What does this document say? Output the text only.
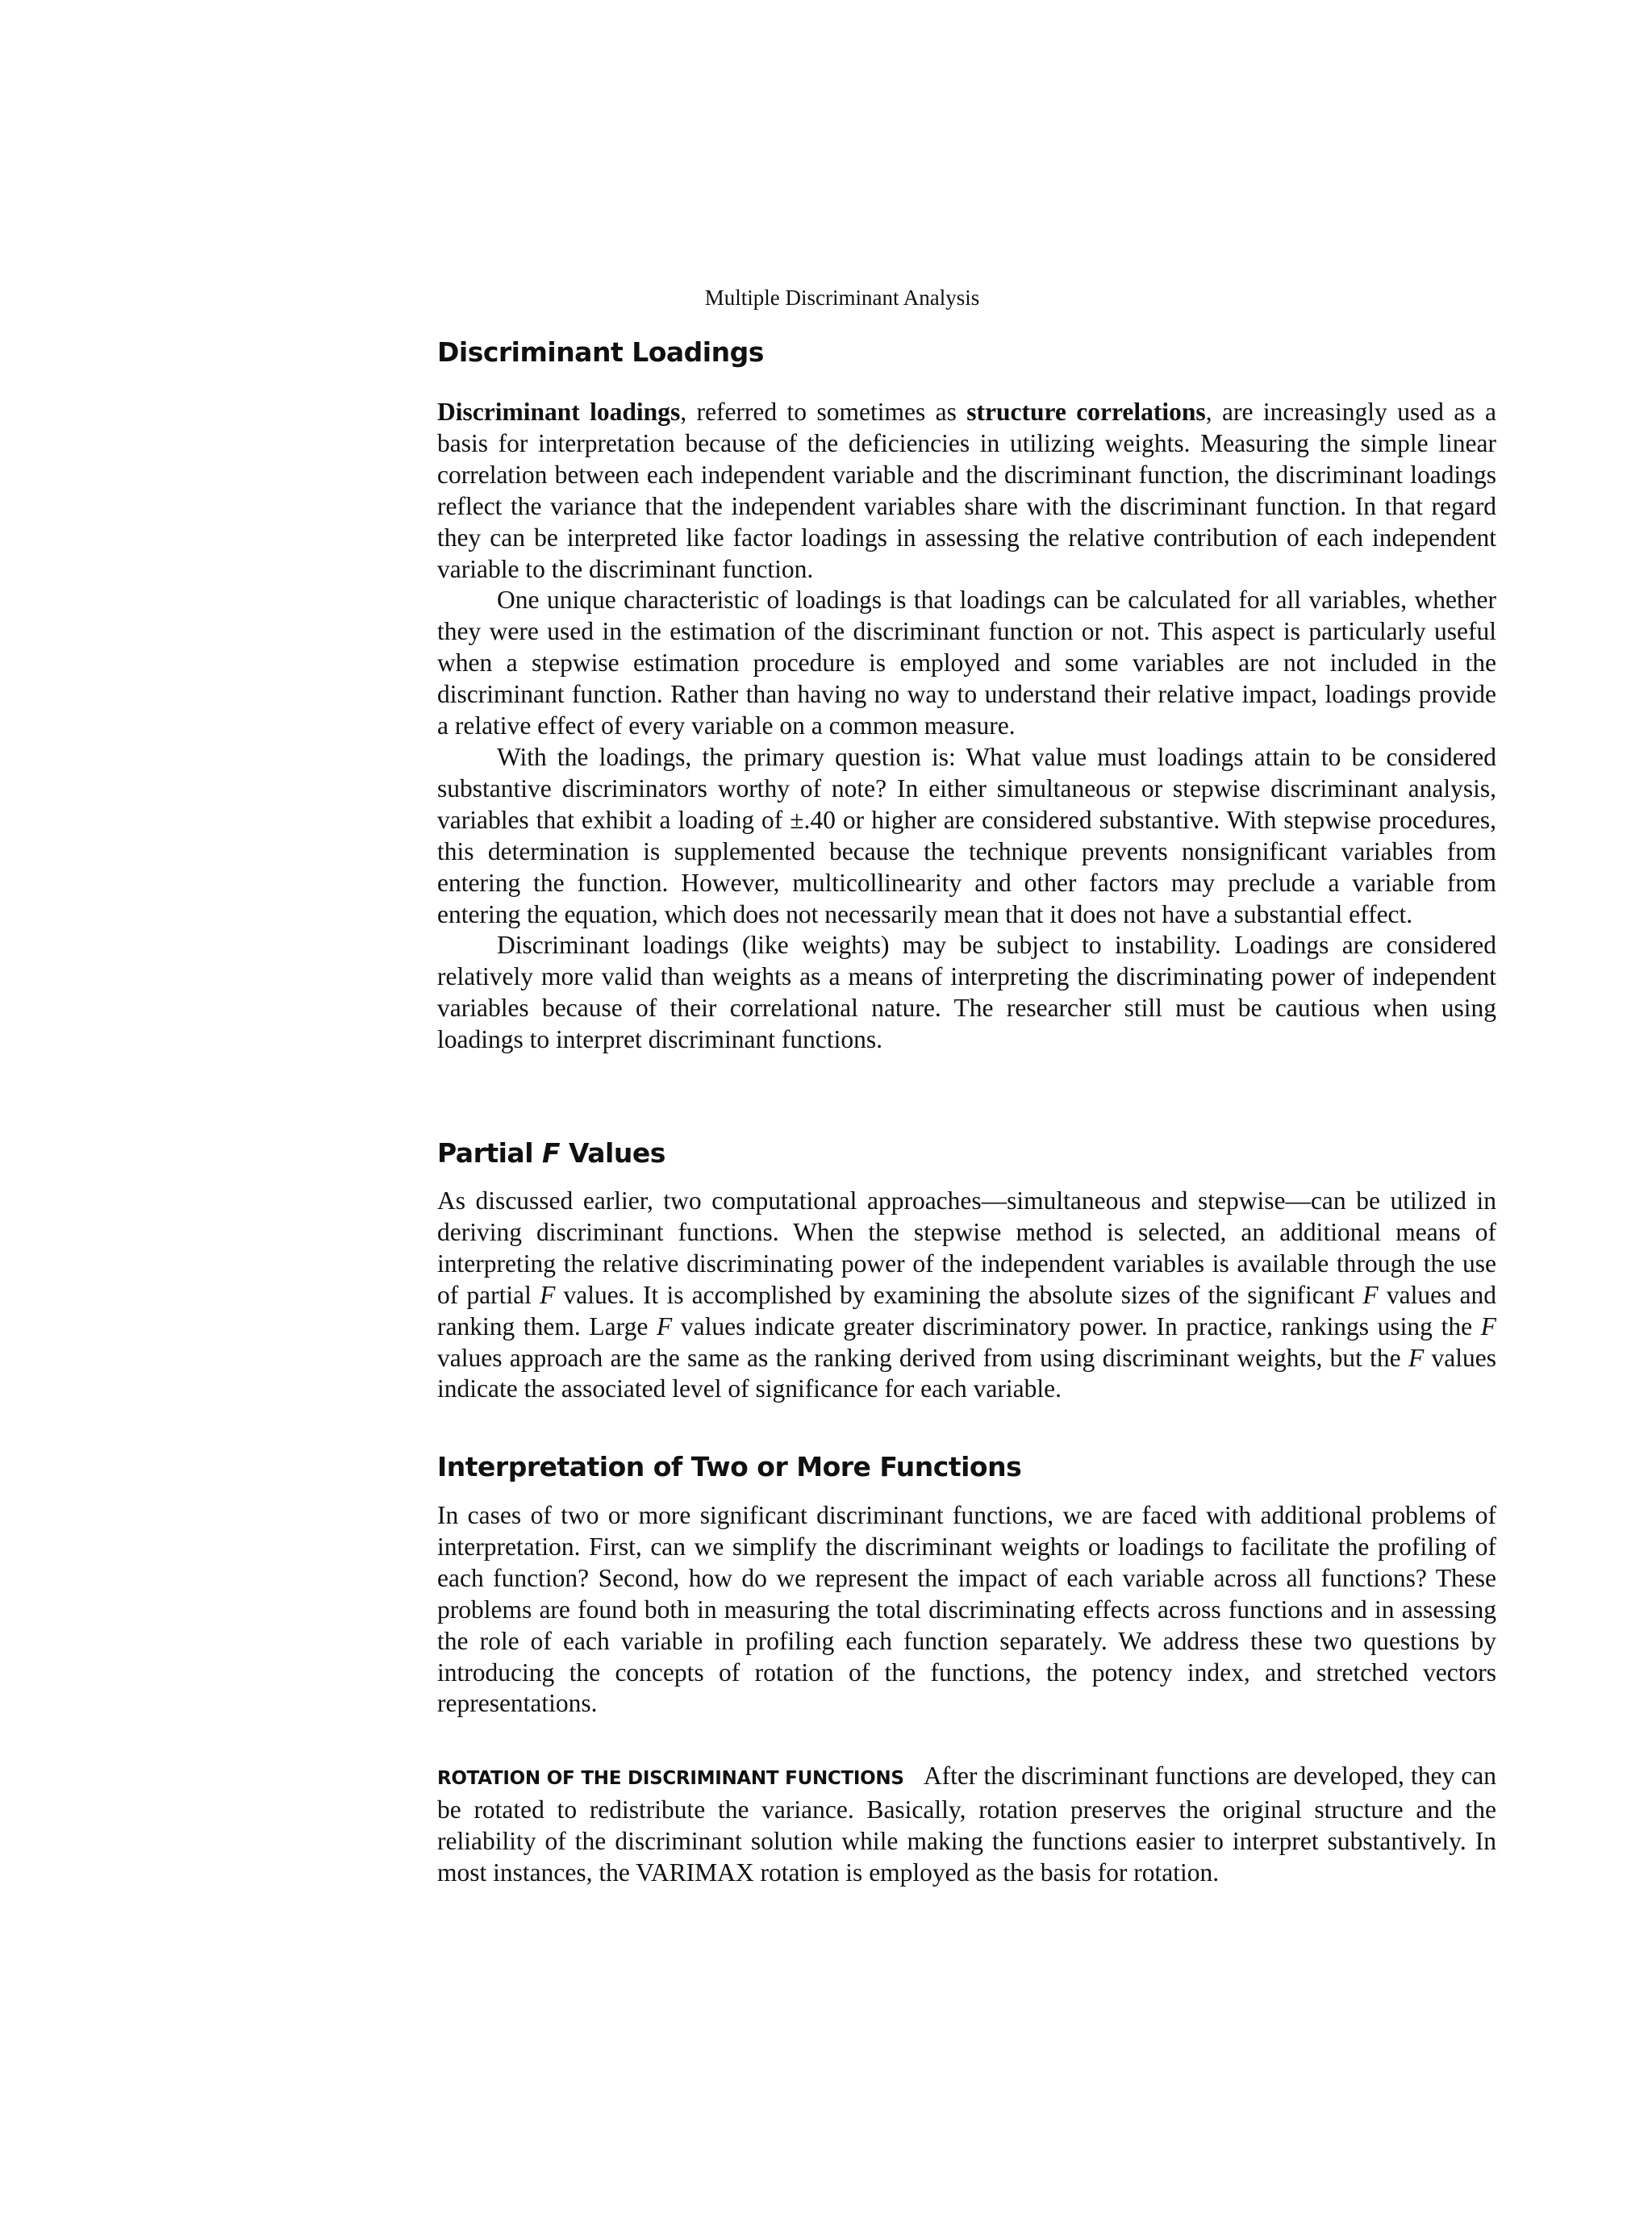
Multiple Discriminant Analysis
Discriminant Loadings

Discriminant loadings, referred to sometimes as structure correlations, are increasingly used as a basis for interpretation because of the deficiencies in utilizing weights. Measuring the simple linear correlation between each independent variable and the discriminant function, the discriminant loadings reflect the variance that the independent variables share with the discriminant function. In that regard they can be interpreted like factor loadings in assessing the relative contribution of each independent variable to the discriminant function.

One unique characteristic of loadings is that loadings can be calculated for all variables, whether they were used in the estimation of the discriminant function or not. This aspect is particularly useful when a stepwise estimation procedure is employed and some variables are not included in the discriminant function. Rather than having no way to understand their relative impact, loadings provide a relative effect of every variable on a common measure.

With the loadings, the primary question is: What value must loadings attain to be considered substantive discriminators worthy of note? In either simultaneous or stepwise discriminant analysis, variables that exhibit a loading of ±.40 or higher are considered substantive. With stepwise procedures, this determination is supplemented because the technique prevents nonsignificant variables from entering the function. However, multicollinearity and other factors may preclude a variable from entering the equation, which does not necessarily mean that it does not have a substantial effect.

Discriminant loadings (like weights) may be subject to instability. Loadings are considered relatively more valid than weights as a means of interpreting the discriminating power of independent variables because of their correlational nature. The researcher still must be cautious when using loadings to interpret discriminant functions.

Partial F Values

As discussed earlier, two computational approaches—simultaneous and stepwise—can be utilized in deriving discriminant functions. When the stepwise method is selected, an additional means of interpreting the relative discriminating power of the independent variables is available through the use of partial F values. It is accomplished by examining the absolute sizes of the significant F values and ranking them. Large F values indicate greater discriminatory power. In practice, rankings using the F values approach are the same as the ranking derived from using discriminant weights, but the F values indicate the associated level of significance for each variable.

Interpretation of Two or More Functions

In cases of two or more significant discriminant functions, we are faced with additional problems of interpretation. First, can we simplify the discriminant weights or loadings to facilitate the profiling of each function? Second, how do we represent the impact of each variable across all functions? These problems are found both in measuring the total discriminating effects across functions and in assessing the role of each variable in profiling each function separately. We address these two questions by introducing the concepts of rotation of the functions, the potency index, and stretched vectors representations.

ROTATION OF THE DISCRIMINANT FUNCTIONS After the discriminant functions are developed, they can be rotated to redistribute the variance. Basically, rotation preserves the original structure and the reliability of the discriminant solution while making the functions easier to interpret substantively. In most instances, the VARIMAX rotation is employed as the basis for rotation.
